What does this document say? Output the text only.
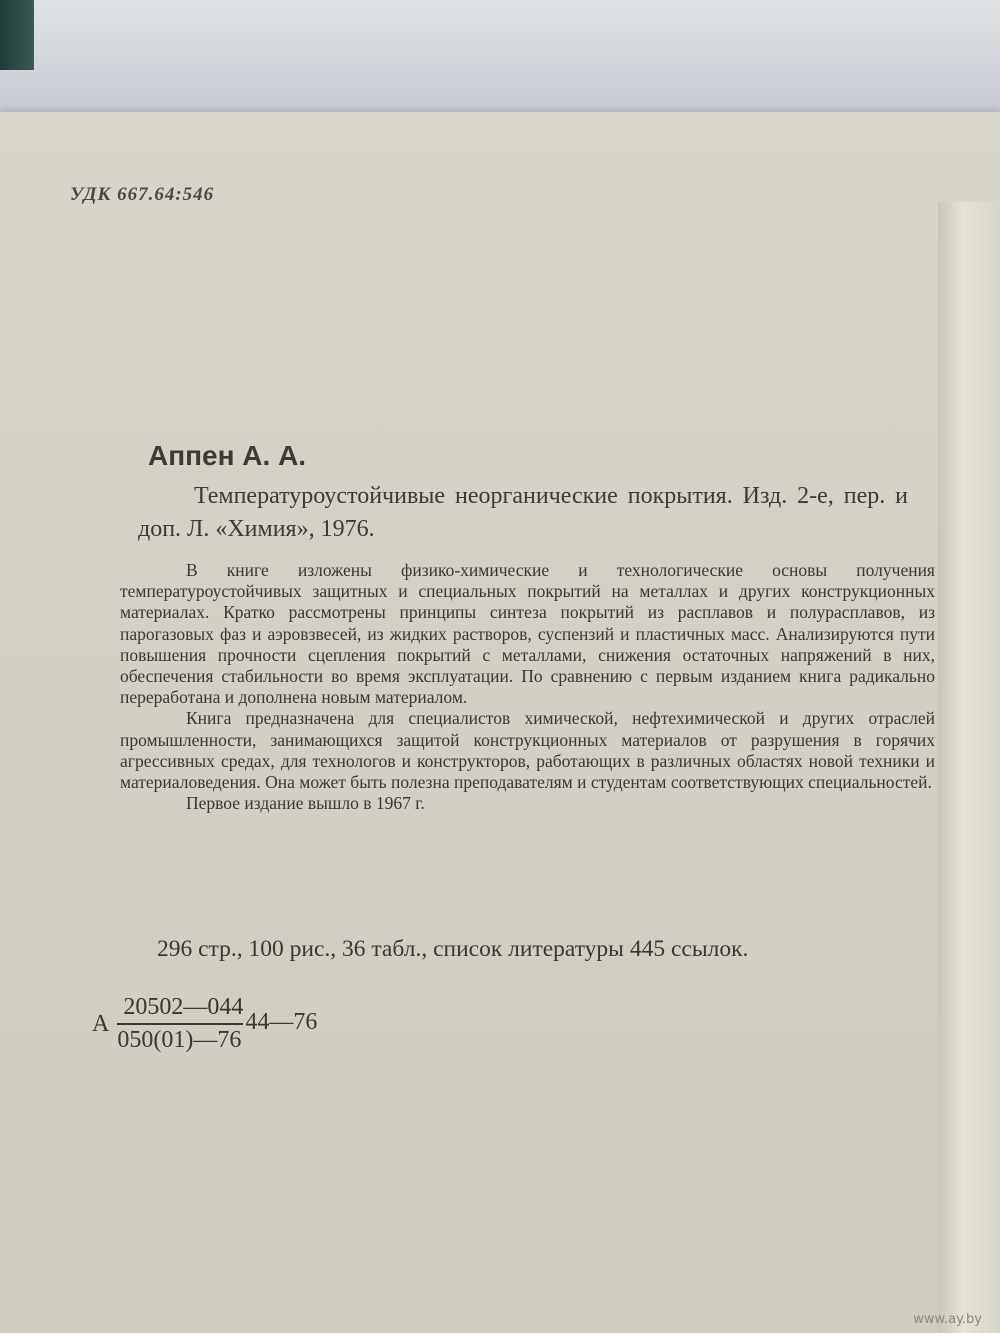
УДК 667.64:546
Аппен А. А.
Температуроустойчивые неорганические покрытия. Изд. 2-е, пер. и доп. Л. «Химия», 1976.

В книге изложены физико-химические и технологические основы получения температуроустойчивых защитных и специальных покрытий на металлах и других конструкционных материалах. Кратко рассмотрены принципы синтеза покрытий из расплавов и полурасплавов, из парогазовых фаз и аэровзвесей, из жидких растворов, суспензий и пластичных масс. Анализируются пути повышения прочности сцепления покрытий с металлами, снижения остаточных напряжений в них, обеспечения стабильности во время эксплуатации. По сравнению с первым изданием книга радикально переработана и дополнена новым материалом.

Книга предназначена для специалистов химической, нефтехимической и других отраслей промышленности, занимающихся защитой конструкционных материалов от разрушения в горячих агрессивных средах, для технологов и конструкторов, работающих в различных областях новой техники и материаловедения. Она может быть полезна преподавателям и студентам соответствующих специальностей.

Первое издание вышло в 1967 г.

296 стр., 100 рис., 36 табл., список литературы 445 ссылок.
А $\frac{20502—044}{050(01)—76}$ 44—76
www.ay.by
